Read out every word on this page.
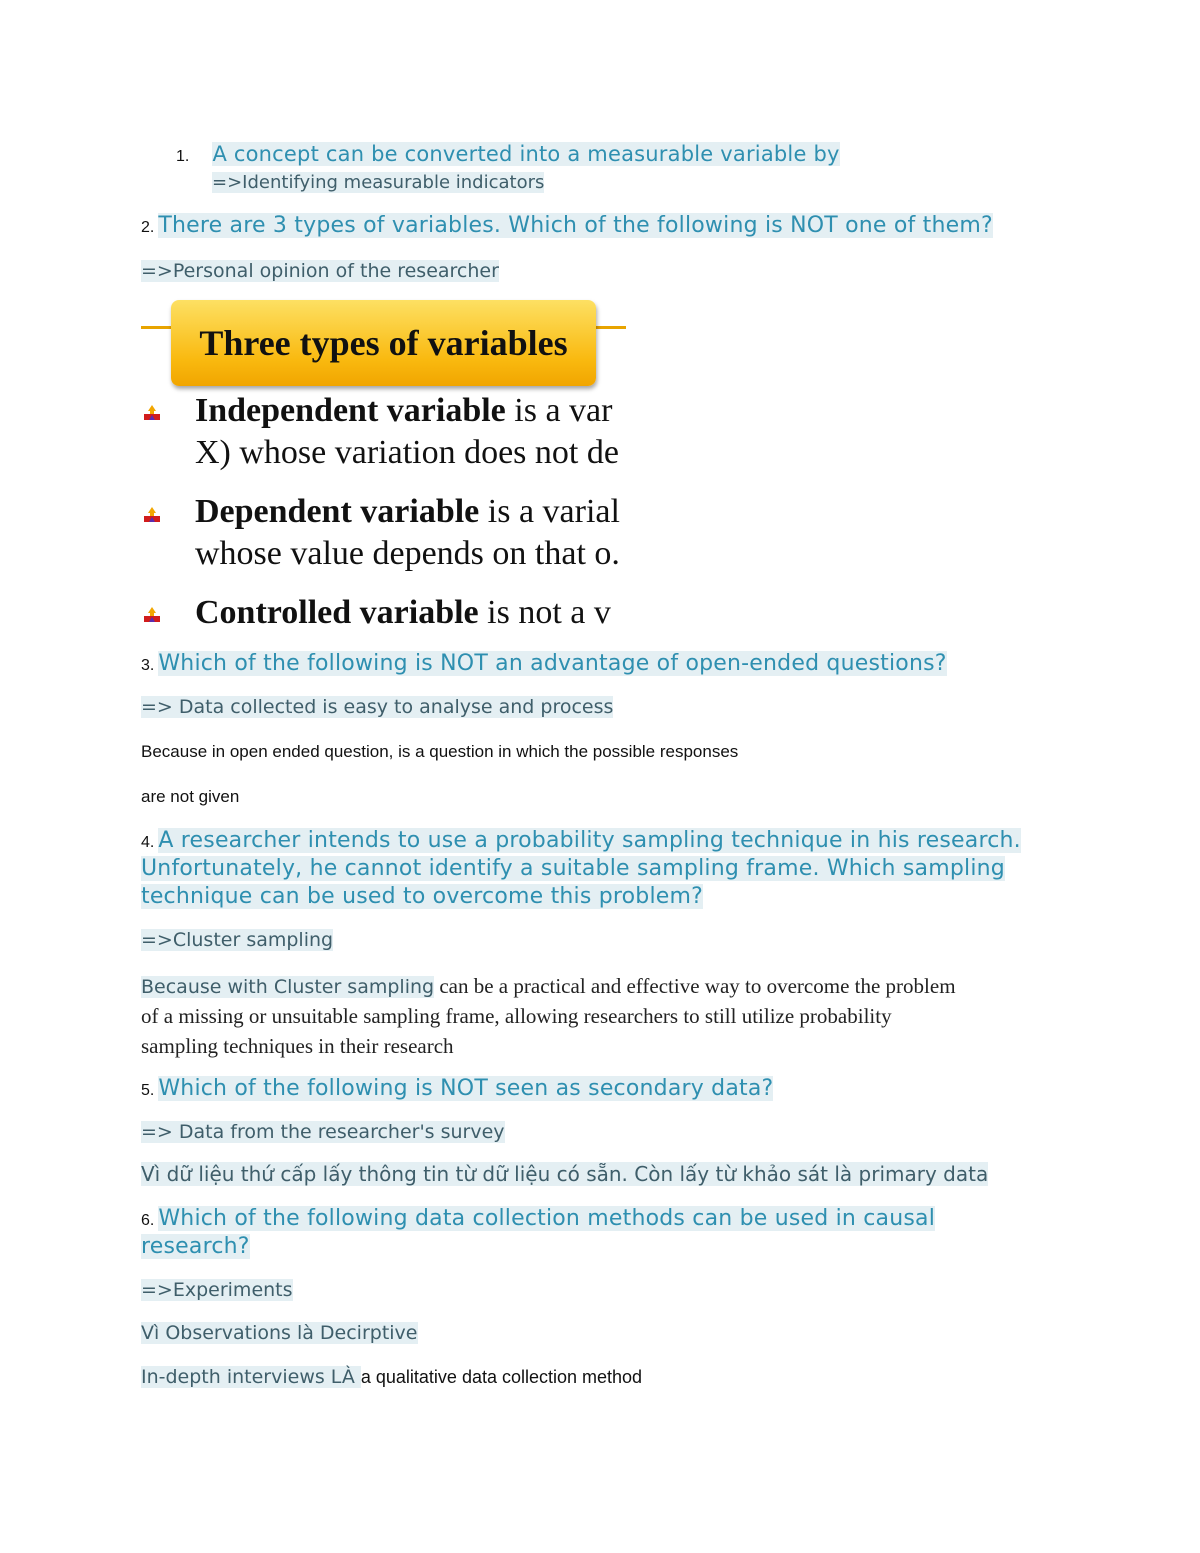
1. A concept can be converted into a measurable variable by
=>Identifying measurable indicators
2. There are 3 types of variables. Which of the following is NOT one of them?
=>Personal opinion of the researcher
Three types of variables
Independent variable is a var
X) whose variation does not de
Dependent variable is a varial
whose value depends on that o.
Controlled variable is not a v
3. Which of the following is NOT an advantage of open-ended questions?
=> Data collected is easy to analyse and process
Because in open ended question, is a question in which the possible responses
are not given
4. A researcher intends to use a probability sampling technique in his research.
Unfortunately, he cannot identify a suitable sampling frame. Which sampling
technique can be used to overcome this problem?
=>Cluster sampling
Because with Cluster sampling can be a practical and effective way to overcome the problem
of a missing or unsuitable sampling frame, allowing researchers to still utilize probability
sampling techniques in their research
5. Which of the following is NOT seen as secondary data?
=> Data from the researcher's survey
Vì dữ liệu thứ cấp lấy thông tin từ dữ liệu có sẵn. Còn lấy từ khảo sát là primary data
6. Which of the following data collection methods can be used in causal
research?
=>Experiments
Vì Observations là Decirptive
In-depth interviews LÀ a qualitative data collection method
